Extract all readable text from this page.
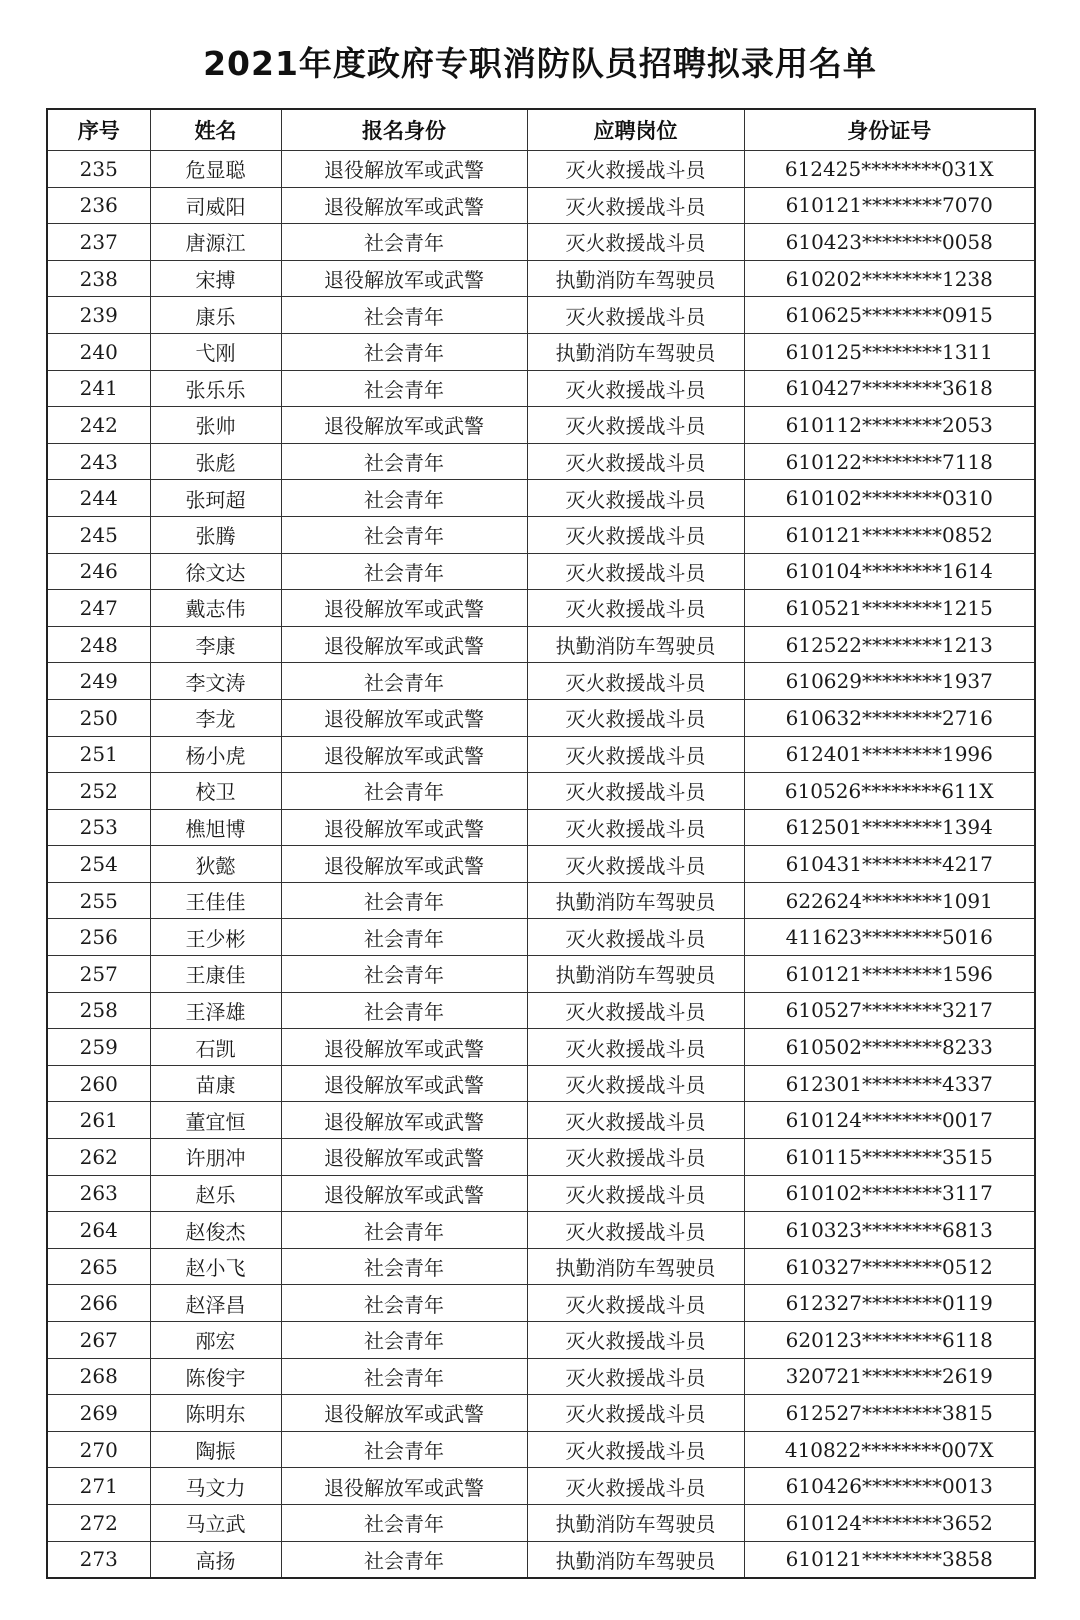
2021年度政府专职消防队员招聘拟录用名单
序号	姓名	报名身份	应聘岗位	身份证号
235	危显聪	退役解放军或武警	灭火救援战斗员	612425********031X
236	司威阳	退役解放军或武警	灭火救援战斗员	610121********7070
237	唐源江	社会青年	灭火救援战斗员	610423********0058
238	宋搏	退役解放军或武警	执勤消防车驾驶员	610202********1238
239	康乐	社会青年	灭火救援战斗员	610625********0915
240	弋刚	社会青年	执勤消防车驾驶员	610125********1311
241	张乐乐	社会青年	灭火救援战斗员	610427********3618
242	张帅	退役解放军或武警	灭火救援战斗员	610112********2053
243	张彪	社会青年	灭火救援战斗员	610122********7118
244	张珂超	社会青年	灭火救援战斗员	610102********0310
245	张腾	社会青年	灭火救援战斗员	610121********0852
246	徐文达	社会青年	灭火救援战斗员	610104********1614
247	戴志伟	退役解放军或武警	灭火救援战斗员	610521********1215
248	李康	退役解放军或武警	执勤消防车驾驶员	612522********1213
249	李文涛	社会青年	灭火救援战斗员	610629********1937
250	李龙	退役解放军或武警	灭火救援战斗员	610632********2716
251	杨小虎	退役解放军或武警	灭火救援战斗员	612401********1996
252	校卫	社会青年	灭火救援战斗员	610526********611X
253	樵旭博	退役解放军或武警	灭火救援战斗员	612501********1394
254	狄懿	退役解放军或武警	灭火救援战斗员	610431********4217
255	王佳佳	社会青年	执勤消防车驾驶员	622624********1091
256	王少彬	社会青年	灭火救援战斗员	411623********5016
257	王康佳	社会青年	执勤消防车驾驶员	610121********1596
258	王泽雄	社会青年	灭火救援战斗员	610527********3217
259	石凯	退役解放军或武警	灭火救援战斗员	610502********8233
260	苗康	退役解放军或武警	灭火救援战斗员	612301********4337
261	董宜恒	退役解放军或武警	灭火救援战斗员	610124********0017
262	许朋冲	退役解放军或武警	灭火救援战斗员	610115********3515
263	赵乐	退役解放军或武警	灭火救援战斗员	610102********3117
264	赵俊杰	社会青年	灭火救援战斗员	610323********6813
265	赵小飞	社会青年	执勤消防车驾驶员	610327********0512
266	赵泽昌	社会青年	灭火救援战斗员	612327********0119
267	邴宏	社会青年	灭火救援战斗员	620123********6118
268	陈俊宇	社会青年	灭火救援战斗员	320721********2619
269	陈明东	退役解放军或武警	灭火救援战斗员	612527********3815
270	陶振	社会青年	灭火救援战斗员	410822********007X
271	马文力	退役解放军或武警	灭火救援战斗员	610426********0013
272	马立武	社会青年	执勤消防车驾驶员	610124********3652
273	高扬	社会青年	执勤消防车驾驶员	610121********3858
